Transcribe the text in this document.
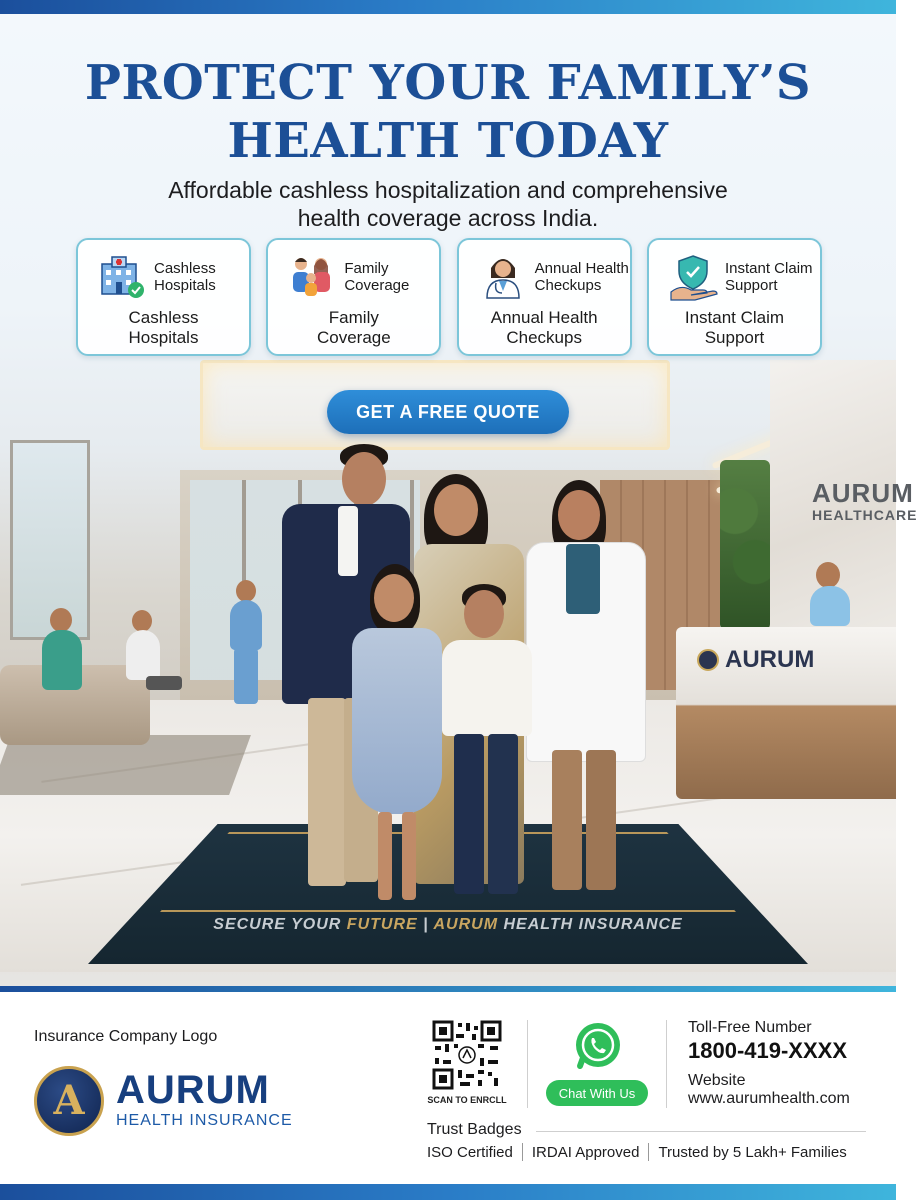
AURUM
HEALTHCARE
AURUM
SECURE YOUR FUTURE | AURUM HEALTH INSURANCE
PROTECT YOUR FAMILY’S
HEALTH TODAY
Affordable cashless hospitalization and comprehensive
health coverage across India.
Cashless
Hospitals
Cashless
Hospitals
Family
Coverage
Family
Coverage
Annual Health
Checkups
Annual Health
Checkups
Instant Claim
Support
Instant Claim
Support
GET A FREE QUOTE
Insurance Company Logo
A AURUM
HEALTH INSURANCE
SCAN TO ENRCLL	Chat With Us
Toll-Free Number
1800-419-XXXX
Website
www.aurumhealth.com
Trust Badges
ISO Certified IRDAI Approved Trusted by 5 Lakh+ Families
